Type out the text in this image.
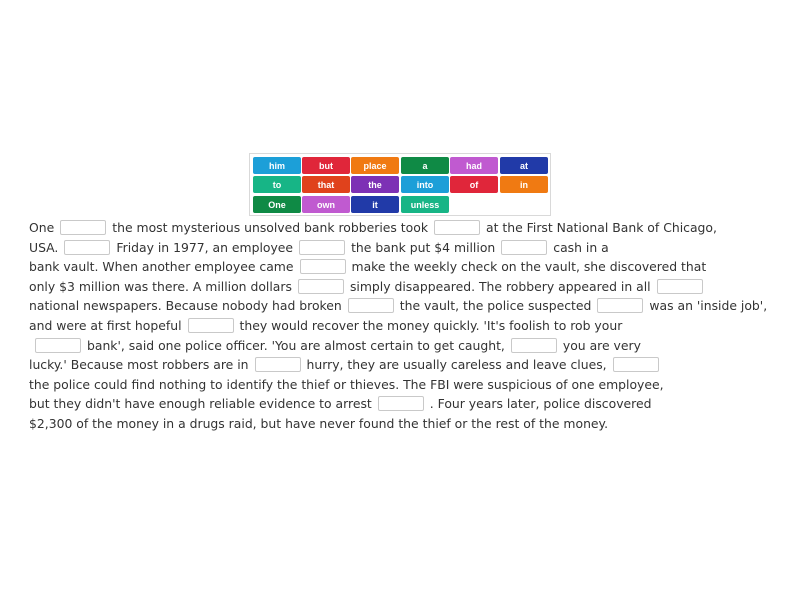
him	but	place	a	had	at
to	that	the	into	of	in
One	own	it	unless
One	the most mysterious unsolved bank robberies took	at the First National Bank of Chicago,
USA.	Friday in 1977, an employee	the bank put $4 million	cash in a
bank vault. When another employee came	make the weekly check on the vault, she discovered that
only $3 million was there. A million dollars	simply disappeared. The robbery appeared in all
national newspapers. Because nobody had broken	the vault, the police suspected	was an 'inside job',
and were at first hopeful	they would recover the money quickly. 'It's foolish to rob your
bank', said one police officer. 'You are almost certain to get caught,	you are very
lucky.' Because most robbers are in	hurry, they are usually careless and leave clues,
the police could find nothing to identify the thief or thieves. The FBI were suspicious of one employee,
but they didn't have enough reliable evidence to arrest	. Four years later, police discovered
$2,300 of the money in a drugs raid, but have never found the thief or the rest of the money.
